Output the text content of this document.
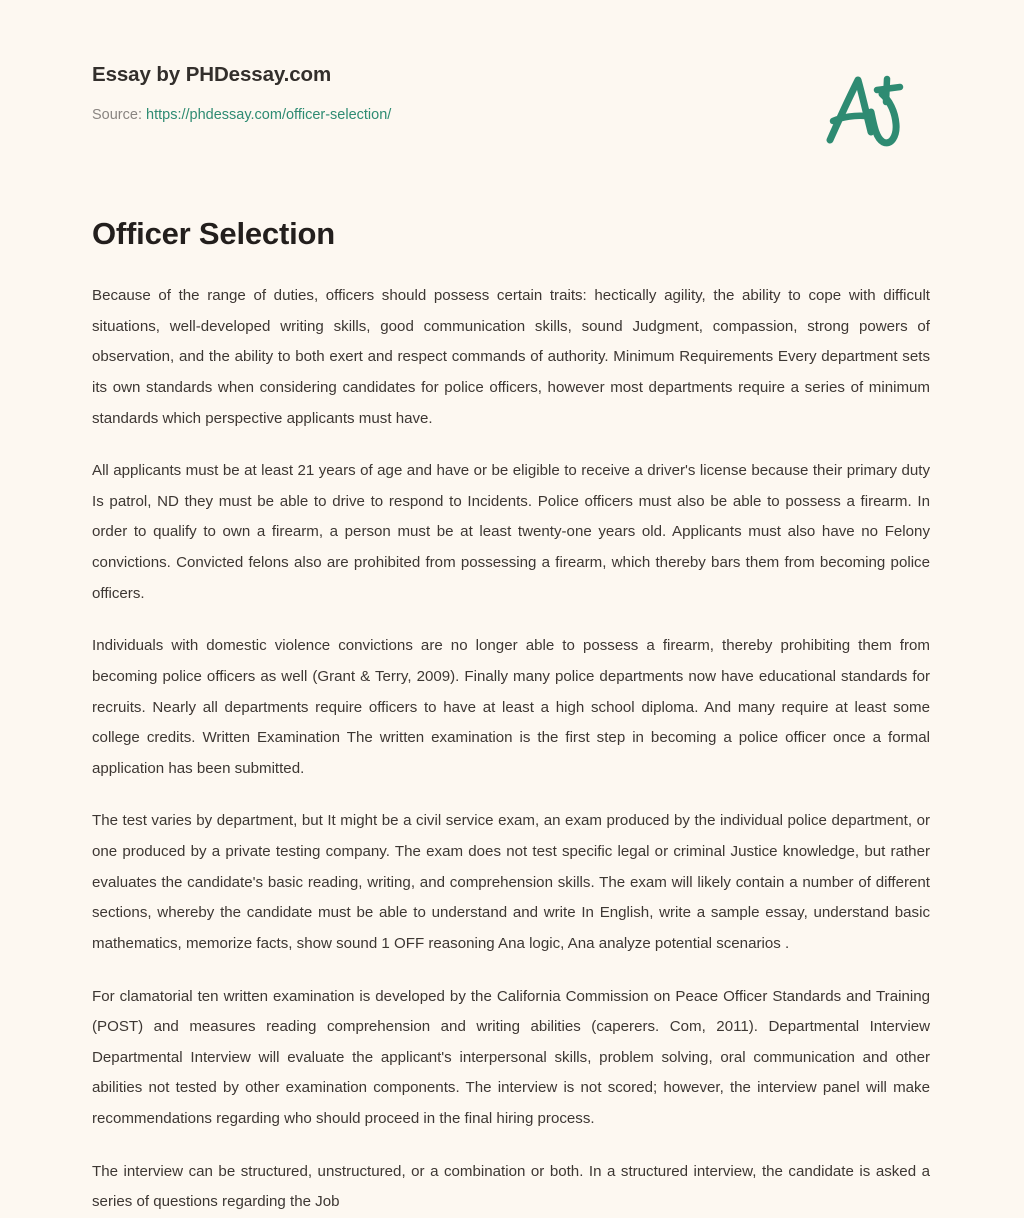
Essay by PHDessay.com
Source: https://phdessay.com/officer-selection/
Officer Selection

Because of the range of duties, officers should possess certain traits: hectically agility, the ability to cope with difficult situations, well-developed writing skills, good communication skills, sound Judgment, compassion, strong powers of observation, and the ability to both exert and respect commands of authority. Minimum Requirements Every department sets its own standards when considering candidates for police officers, however most departments require a series of minimum standards which perspective applicants must have.

All applicants must be at least 21 years of age and have or be eligible to receive a driver's license because their primary duty Is patrol, ND they must be able to drive to respond to Incidents. Police officers must also be able to possess a firearm. In order to qualify to own a firearm, a person must be at least twenty-one years old. Applicants must also have no Felony convictions. Convicted felons also are prohibited from possessing a firearm, which thereby bars them from becoming police officers.

Individuals with domestic violence convictions are no longer able to possess a firearm, thereby prohibiting them from becoming police officers as well (Grant & Terry, 2009). Finally many police departments now have educational standards for recruits. Nearly all departments require officers to have at least a high school diploma. And many require at least some college credits. Written Examination The written examination is the first step in becoming a police officer once a formal application has been submitted.

The test varies by department, but It might be a civil service exam, an exam produced by the individual police department, or one produced by a private testing company. The exam does not test specific legal or criminal Justice knowledge, but rather evaluates the candidate's basic reading, writing, and comprehension skills. The exam will likely contain a number of different sections, whereby the candidate must be able to understand and write In English, write a sample essay, understand basic mathematics, memorize facts, show sound 1 OFF reasoning Ana logic, Ana analyze potential scenarios .

For clamatorial ten written examination is developed by the California Commission on Peace Officer Standards and Training (POST) and measures reading comprehension and writing abilities (caperers. Com, 2011). Departmental Interview Departmental Interview will evaluate the applicant's interpersonal skills, problem solving, oral communication and other abilities not tested by other examination components. The interview is not scored; however, the interview panel will make recommendations regarding who should proceed in the final hiring process.

The interview can be structured, unstructured, or a combination or both. In a structured interview, the candidate is asked a series of questions regarding the Job
